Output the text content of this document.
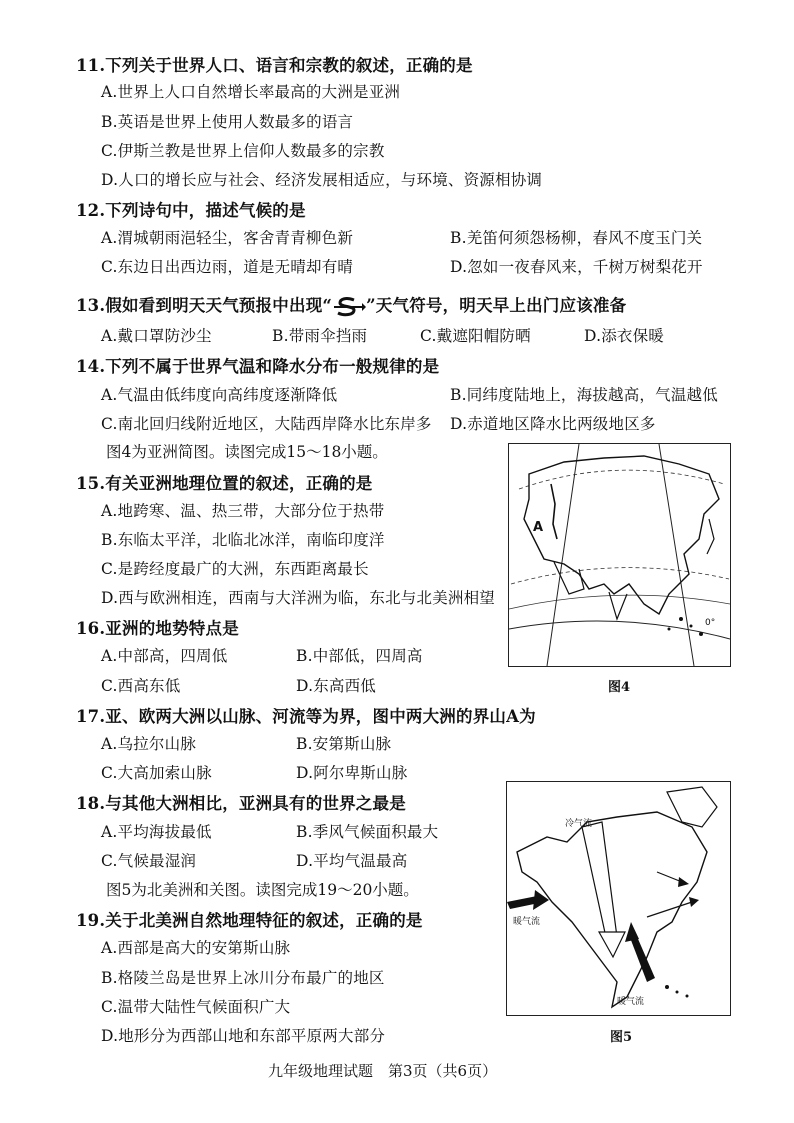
11.下列关于世界人口、语言和宗教的叙述，正确的是
A.世界上人口自然增长率最高的大洲是亚洲
B.英语是世界上使用人数最多的语言
C.伊斯兰教是世界上信仰人数最多的宗教
D.人口的增长应与社会、经济发展相适应，与环境、资源相协调
12.下列诗句中，描述气候的是
A.渭城朝雨浥轻尘，客舍青青柳色新	B.羌笛何须怨杨柳，春风不度玉门关
C.东边日出西边雨，道是无晴却有晴	D.忽如一夜春风来，千树万树梨花开
13.假如看到明天天气预报中出现“ ”天气符号，明天早上出门应该准备
A.戴口罩防沙尘	B.带雨伞挡雨	C.戴遮阳帽防晒	D.添衣保暖
14.下列不属于世界气温和降水分布一般规律的是
A.气温由低纬度向高纬度逐渐降低	B.同纬度陆地上，海拔越高，气温越低
C.南北回归线附近地区，大陆西岸降水比东岸多 D.赤道地区降水比两级地区多
图4为亚洲简图。读图完成15～18小题。
15.有关亚洲地理位置的叙述，正确的是
A.地跨寒、温、热三带，大部分位于热带
B.东临太平洋，北临北冰洋，南临印度洋
C.是跨经度最广的大洲，东西距离最长
D.西与欧洲相连，西南与大洋洲为临，东北与北美洲相望
16.亚洲的地势特点是
A.中部高，四周低	B.中部低，四周高
C.西高东低	D.东高西低
17.亚、欧两大洲以山脉、河流等为界，图中两大洲的界山A为
A.乌拉尔山脉	B.安第斯山脉
C.大高加索山脉	D.阿尔卑斯山脉
18.与其他大洲相比，亚洲具有的世界之最是
A.平均海拔最低	B.季风气候面积最大
C.气候最湿润	D.平均气温最高
图5为北美洲和关图。读图完成19～20小题。
19.关于北美洲自然地理特征的叙述，正确的是
A.西部是高大的安第斯山脉
B.格陵兰岛是世界上冰川分布最广的地区
C.温带大陆性气候面积广大
D.地形分为西部山地和东部平原两大部分
A
0°
图4
冷气流
暖气流
暖气流
图5
九年级地理试题　第3页（共6页）
